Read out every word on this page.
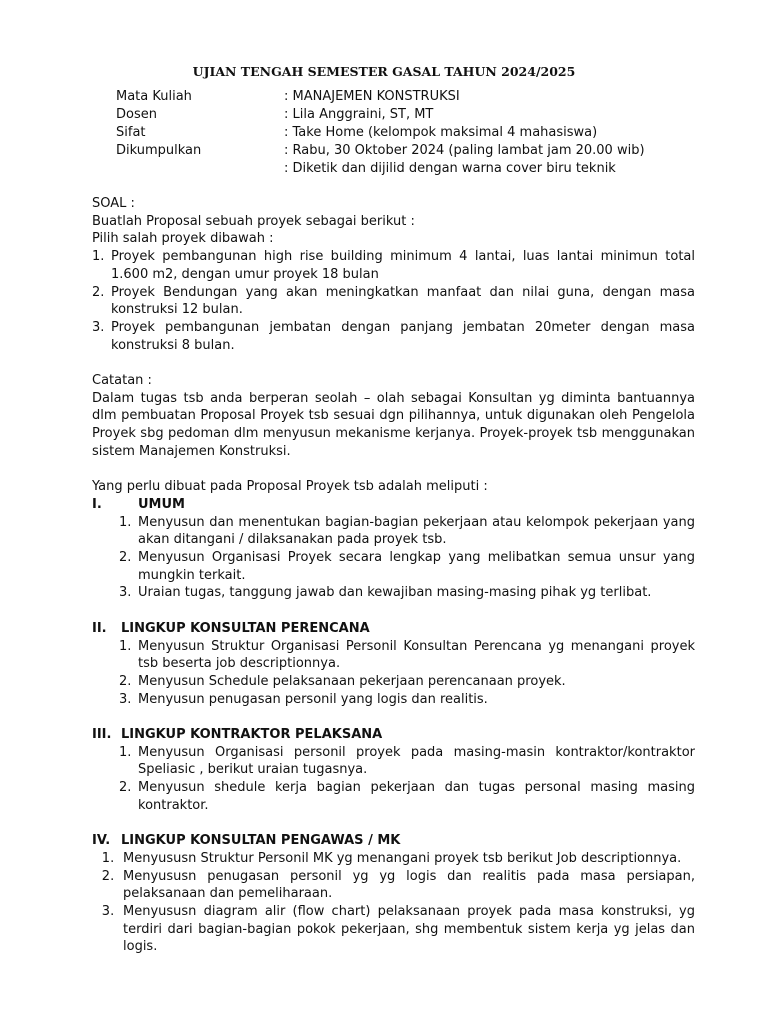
UJIAN TENGAH SEMESTER GASAL TAHUN 2024/2025
Mata Kuliah	: MANAJEMEN KONSTRUKSI
Dosen	: Lila Anggraini, ST, MT
Sifat	: Take Home (kelompok maksimal 4 mahasiswa)
Dikumpulkan	: Rabu, 30 Oktober 2024 (paling lambat jam 20.00 wib)
: Diketik dan dijilid dengan warna cover biru teknik
SOAL :
Buatlah Proposal sebuah proyek sebagai berikut :
Pilih salah proyek dibawah :
1. Proyek pembangunan high rise building minimum 4 lantai, luas lantai minimun total 1.600 m2, dengan umur proyek 18 bulan
2. Proyek Bendungan yang akan meningkatkan manfaat dan nilai guna, dengan masa konstruksi 12 bulan.
3. Proyek pembangunan jembatan dengan panjang jembatan 20meter dengan masa konstruksi 8 bulan.
Catatan :
Dalam tugas tsb anda berperan seolah – olah sebagai Konsultan yg diminta bantuannya dlm pembuatan Proposal Proyek tsb sesuai dgn pilihannya, untuk digunakan oleh Pengelola Proyek sbg pedoman dlm menyusun mekanisme kerjanya. Proyek-proyek tsb menggunakan sistem Manajemen Konstruksi.
Yang perlu dibuat pada Proposal Proyek tsb adalah meliputi :
I.	UMUM
1. Menyusun dan menentukan bagian-bagian pekerjaan atau kelompok pekerjaan yang akan ditangani / dilaksanakan pada proyek tsb.
2. Menyusun Organisasi Proyek secara lengkap yang melibatkan semua unsur yang mungkin terkait.
3. Uraian tugas, tanggung jawab dan kewajiban masing-masing pihak yg terlibat.
II.	LINGKUP KONSULTAN PERENCANA
1. Menyusun Struktur Organisasi Personil Konsultan Perencana yg menangani proyek tsb beserta job descriptionnya.
2. Menyusun Schedule pelaksanaan pekerjaan perencanaan proyek.
3. Menyusun penugasan personil yang logis dan realitis.
III. LINGKUP KONTRAKTOR PELAKSANA
1. Menyusun Organisasi personil proyek pada masing-masin kontraktor/kontraktor Speliasic , berikut uraian tugasnya.
2. Menyusun shedule kerja bagian pekerjaan dan tugas personal masing masing kontraktor.
IV. LINGKUP KONSULTAN PENGAWAS / MK
1. Menyususn Struktur Personil MK yg menangani proyek tsb berikut Job descriptionnya.
2. Menyususn penugasan personil yg yg logis dan realitis pada masa persiapan, pelaksanaan dan pemeliharaan.
3. Menyususn diagram alir (flow chart) pelaksanaan proyek pada masa konstruksi, yg terdiri dari bagian-bagian pokok pekerjaan, shg membentuk sistem kerja yg jelas dan logis.
